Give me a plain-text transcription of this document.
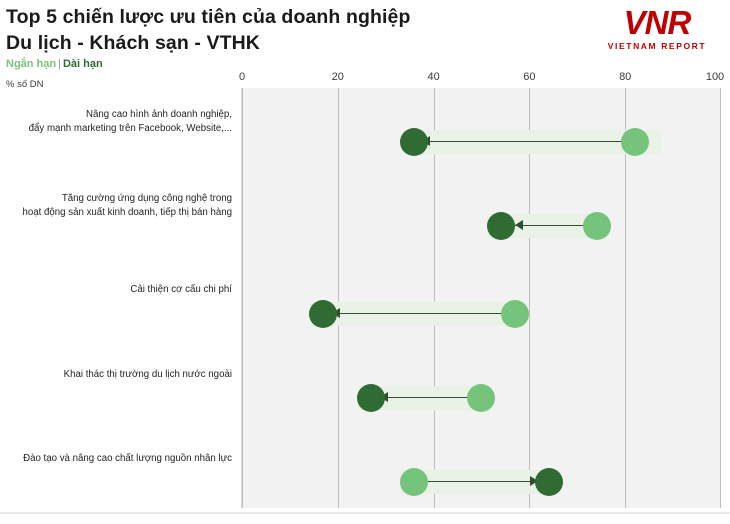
Top 5 chiến lược ưu tiên của doanh nghiệp
Du lịch - Khách sạn - VTHK
VNR
VIETNAM REPORT
Ngắn hạn | Dài hạn
% số DN
Nâng cao hình ảnh doanh nghiệp,
đẩy mạnh marketing trên Facebook, Website,...
Tăng cường ứng dụng công nghệ trong
hoạt động sản xuất kinh doanh, tiếp thị bán hàng
Cải thiện cơ cấu chi phí
Khai thác thị trường du lịch nước ngoài
Đào tạo và nâng cao chất lượng nguồn nhân lực
0	20	40	60	80	100
